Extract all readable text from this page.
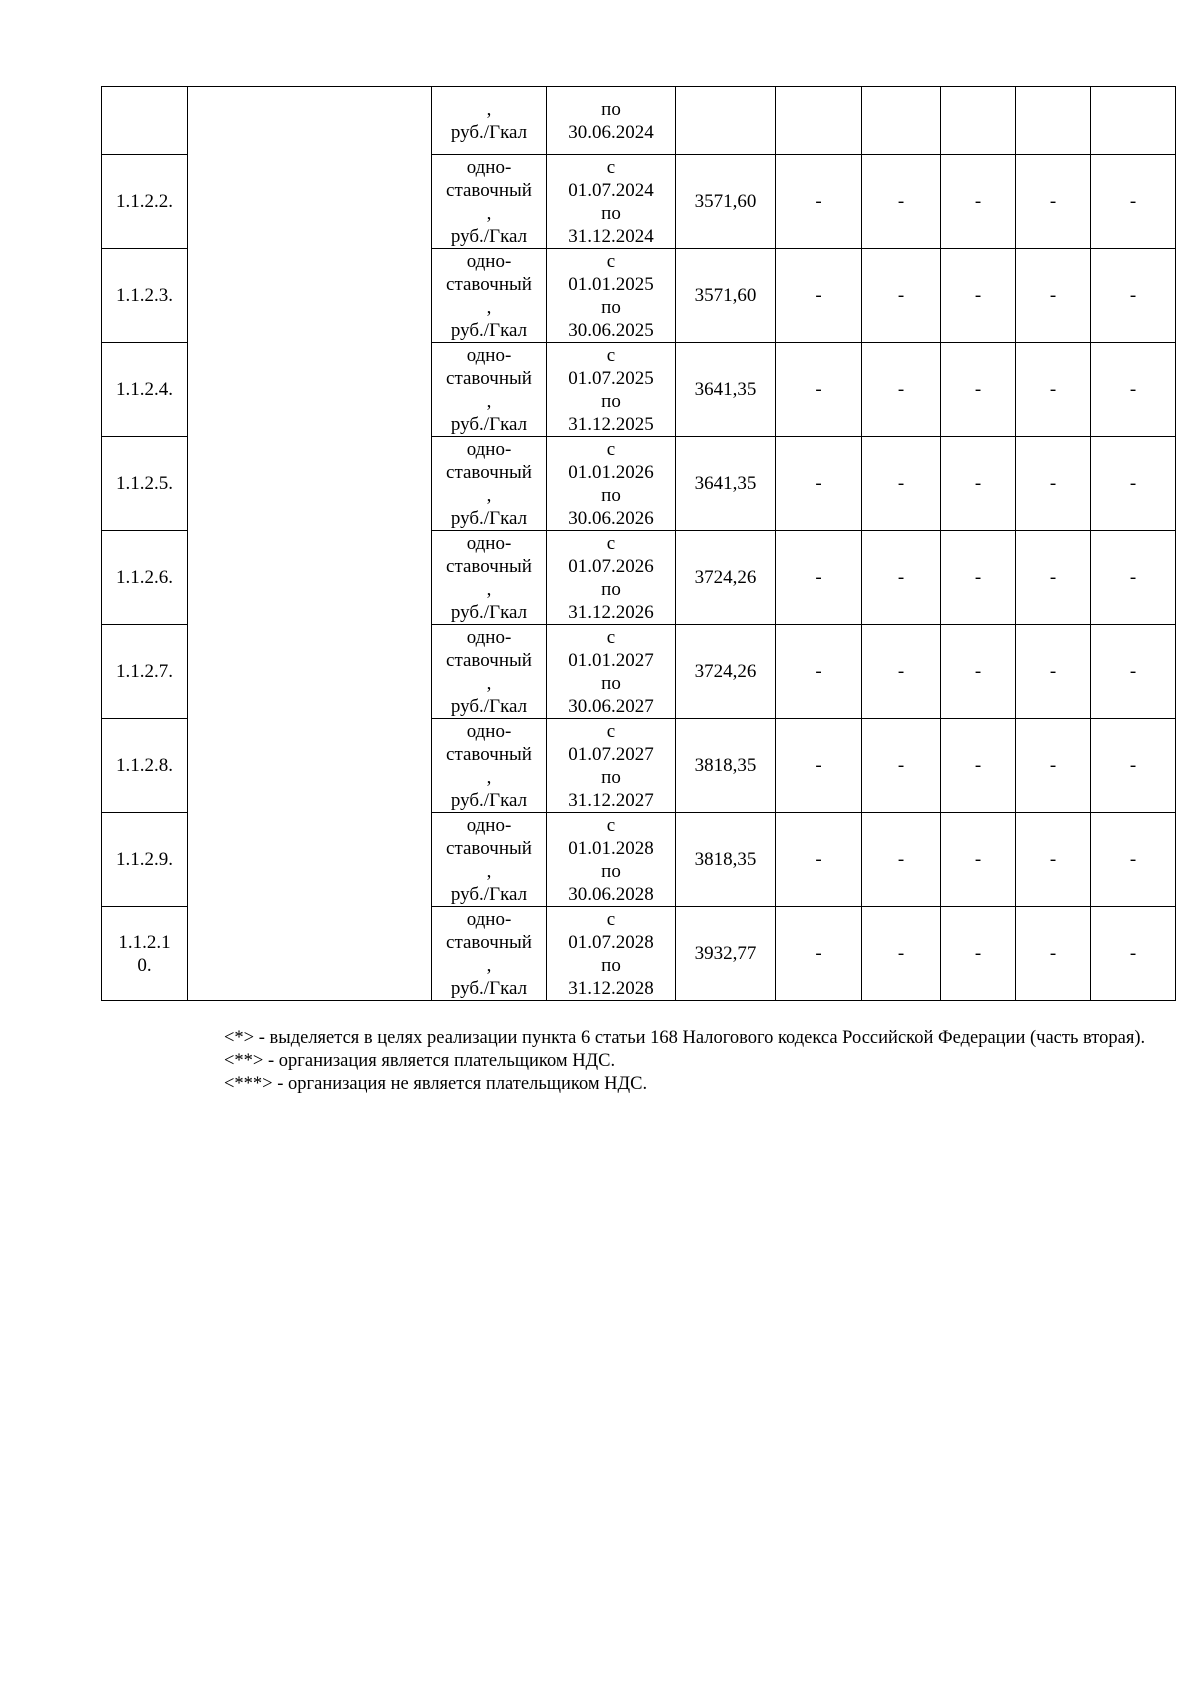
		,
руб./Гкал	по
30.06.2024						

1.1.2.2.		одно-
ставочный
,
руб./Гкал	с
01.07.2024
по
31.12.2024	3571,60	-	-	-	-	-
1.1.2.3.		одно-
ставочный
,
руб./Гкал	с
01.01.2025
по
30.06.2025	3571,60	-	-	-	-	-
1.1.2.4.		одно-
ставочный
,
руб./Гкал	с
01.07.2025
по
31.12.2025	3641,35	-	-	-	-	-
1.1.2.5.		одно-
ставочный
,
руб./Гкал	с
01.01.2026
по
30.06.2026	3641,35	-	-	-	-	-
1.1.2.6.		одно-
ставочный
,
руб./Гкал	с
01.07.2026
по
31.12.2026	3724,26	-	-	-	-	-
1.1.2.7.		одно-
ставочный
,
руб./Гкал	с
01.01.2027
по
30.06.2027	3724,26	-	-	-	-	-
1.1.2.8.		одно-
ставочный
,
руб./Гкал	с
01.07.2027
по
31.12.2027	3818,35	-	-	-	-	-
1.1.2.9.		одно-
ставочный
,
руб./Гкал	с
01.01.2028
по
30.06.2028	3818,35	-	-	-	-	-
1.1.2.1
0.		одно-
ставочный
,
руб./Гкал	с
01.07.2028
по
31.12.2028	3932,77	-	-	-	-	-

<*> - выделяется в целях реализации пункта 6 статьи 168 Налогового кодекса Российской Федерации (часть вторая).

<**> - организация является плательщиком НДС.

<***> - организация не является плательщиком НДС.
